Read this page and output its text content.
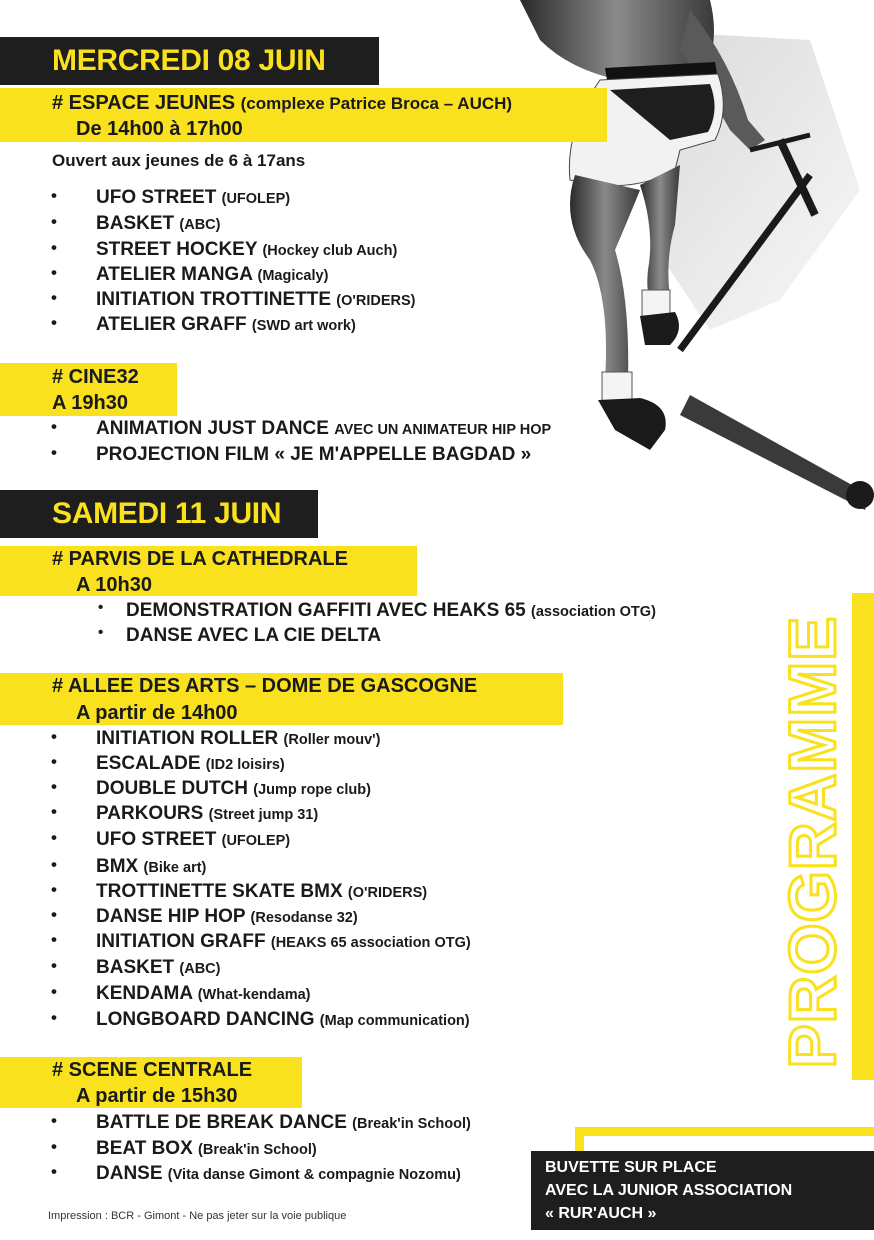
MERCREDI 08 JUIN
# ESPACE JEUNES (complexe Patrice Broca – AUCH)
De 14h00 à 17h00
Ouvert aux jeunes de 6 à 17ans
• UFO STREET (UFOLEP)
• BASKET (ABC)
• STREET HOCKEY (Hockey club Auch)
• ATELIER MANGA (Magicaly)
• INITIATION TROTTINETTE (O'RIDERS)
• ATELIER GRAFF (SWD art work)
# CINE32
A 19h30
• ANIMATION JUST DANCE AVEC UN ANIMATEUR HIP HOP
• PROJECTION FILM « JE M'APPELLE BAGDAD »
SAMEDI 11 JUIN
# PARVIS DE LA CATHEDRALE
A 10h30
• DEMONSTRATION GAFFITI AVEC HEAKS 65 (association OTG)
• DANSE AVEC LA CIE DELTA
# ALLEE DES ARTS – DOME DE GASCOGNE
A partir de 14h00
• INITIATION ROLLER (Roller mouv')
• ESCALADE (ID2 loisirs)
• DOUBLE DUTCH (Jump rope club)
• PARKOURS (Street jump 31)
• UFO STREET (UFOLEP)
• BMX (Bike art)
• TROTTINETTE SKATE BMX (O'RIDERS)
• DANSE HIP HOP (Resodanse 32)
• INITIATION GRAFF (HEAKS 65 association OTG)
• BASKET (ABC)
• KENDAMA (What-kendama)
• LONGBOARD DANCING (Map communication)
# SCENE CENTRALE
A partir de 15h30
• BATTLE DE BREAK DANCE (Break'in School)
• BEAT BOX (Break'in School)
• DANSE (Vita danse Gimont & compagnie Nozomu)
PROGRAMME
BUVETTE SUR PLACE
AVEC LA JUNIOR ASSOCIATION
« RUR'AUCH »
Impression : BCR - Gimont - Ne pas jeter sur la voie publique
